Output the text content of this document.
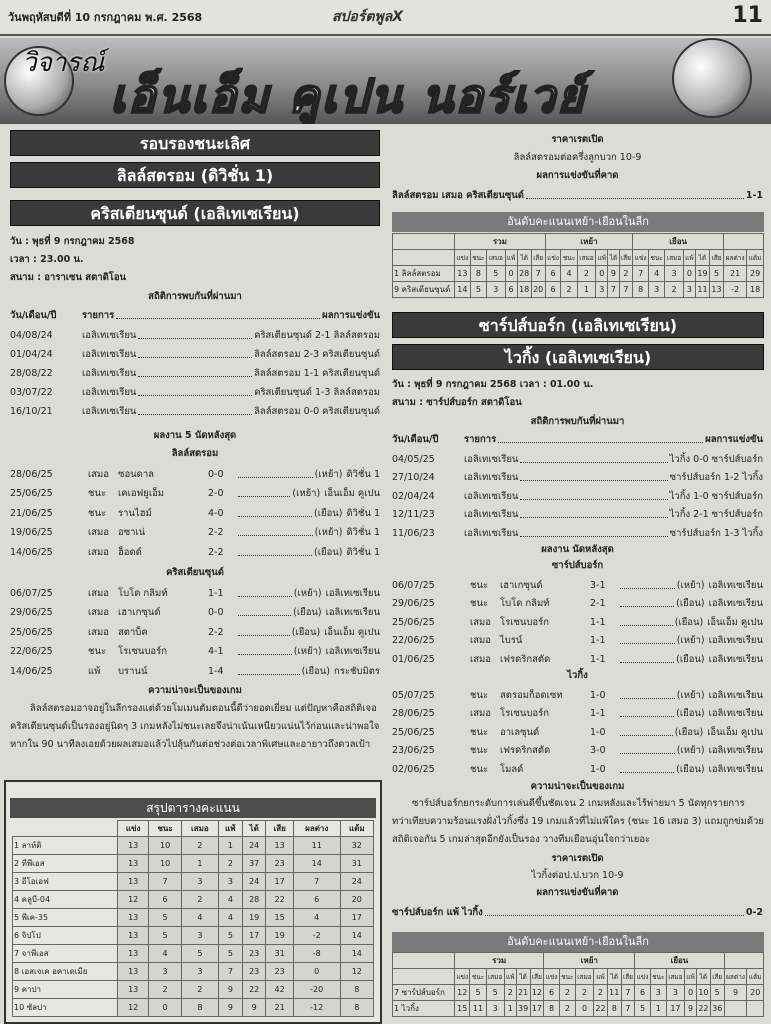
วันพฤหัสบดีที่ 10 กรกฎาคม พ.ศ. 2568	สปอร์ตพูลX	11
วิจารณ์
เอ็นเอ็ม คูเปน นอร์เวย์
รอบรองชนะเลิศ
ลิลล์สตรอม (ดิวิชั่น 1)
คริสเตียนซุนด์ (เอลิเทเซเรียน)
วัน : พุธที่ 9 กรกฎาคม 2568
เวลา : 23.00 น.
สนาม : อาราเซน สตาดิโอน
สถิติการพบกันที่ผ่านมา
วัน/เดือน/ปี	รายการ	ผลการแข่งขัน
04/08/24	เอลิเทเซเรียน	คริสเตียนซุนด์ 2-1 ลิลล์สตรอม
01/04/24	เอลิเทเซเรียน	ลิลล์สตรอม 2-3 คริสเตียนซุนด์
28/08/22	เอลิเทเซเรียน	ลิลล์สตรอม 1-1 คริสเตียนซุนด์
03/07/22	เอลิเทเซเรียน	คริสเตียนซุนด์ 1-3 ลิลล์สตรอม
16/10/21	เอลิเทเซเรียน	ลิลล์สตรอม 0-0 คริสเตียนซุนด์
ผลงาน 5 นัดหลังสุด
ลิลล์สตรอม
28/06/25	เสมอ ซอนดาล	0-0	(เหย้า) ดิวิชั่น 1
25/06/25	ชนะ	เคเอฟยูเอ็ม	2-0	(เหย้า) เอ็นเอ็ม คูเปน
21/06/25	ชนะ	รานไฮม์	4-0	(เยือน) ดิวิชั่น 1
19/06/25	เสมอ อซาเน่	2-2	(เหย้า) ดิวิชั่น 1
14/06/25	เสมอ ฮ็อดด์	2-2	(เยือน) ดิวิชั่น 1
คริสเตียนซุนด์
06/07/25	เสมอ โบโด กลิมท์	1-1	(เหย้า) เอลิเทเซเรียน
29/06/25	เสมอ เฮาเกซุนด์	0-0	(เยือน) เอลิเทเซเรียน
25/06/25	เสมอ สตาบ็ค	2-2	(เยือน) เอ็นเอ็ม คูเปน
22/06/25	ชนะ	โรเซนบอร์ก	4-1	(เหย้า) เอลิเทเซเรียน
14/06/25	แพ้	บรานน์	1-4	(เยือน) กระชับมิตร
ความน่าจะเป็นของเกม
ลิลล์สตรอมอาจอยู่ในลีกรองแต่ด้วยโมเมนตัมตอนนี้ดีว่ายอดเยี่ยม แต่ปัญหาคือสถิติเจอคริสเตียนซุนด์เป็นรองอยู่นิดๆ 3 เกมหลังไม่ชนะเลยจึงน่าเน้นเหนียวแน่นไว้ก่อนและน่าพอใจหากใน 90 นาทีลงเอยด้วยผลเสมอแล้วไปลุ้นกันต่อช่วงต่อเวลาพิเศษและอายาวถึงดวลเป้า
สรุปตารางคะแนน
	แข่ง	ชนะ	เสมอ	แพ้	ได้	เสีย	ผลต่าง	แต้ม
1 ลาห์ติ	13	10	2	1	24	13	11	32
2 ทีพีเอส	13	10	1	2	37	23	14	31
3 อีโอเอฟ	13	7	3	3	24	17	7	24
4 คลูบี-04	12	6	2	4	28	22	6	20
5 พีเค-35	13	5	4	4	19	15	4	17
6 จิปโป	13	5	3	5	17	19	-2	14
7 จาพีเอส	13	4	5	5	23	31	-8	14
8 เอสเจเค อคาเดเมีย	13	3	3	7	23	23	0	12
9 คาปา	13	2	2	9	22	42	-20	8
10 ซัลปา	12	0	8	9	9	21	-12	8
ราคาเรตเปิด
ลิลล์สตรอมต่อครึ่งลูกบวก 10-9
ผลการแข่งขันที่คาด
ลิลล์สตรอม เสมอ คริสเตียนซุนด์	1-1
อันดับคะแนนเหย้า-เยือนในลีก
	รวม						เหย้า						เยือน							
	แข่ง	ชนะ	เสมอ	แพ้	ได้	เสีย	แข่ง	ชนะ	เสมอ	แพ้	ได้	เสีย	แข่ง	ชนะ	เสมอ	แพ้	ได้	เสีย	ผลต่าง	แต้ม
1 ลิลล์สตรอม	13	8	5	0	28	7	6	4	2	0	9	2	7	4	3	0	19	5	21	29
9 คริสเตียนซุนด์	14	5	3	6	18	20	6	2	1	3	7	7	8	3	2	3	11	13	-2	18
ซาร์ปส์บอร์ก (เอลิเทเซเรียน)
ไวกิ้ง (เอลิเทเซเรียน)
วัน : พุธที่ 9 กรกฎาคม 2568 เวลา : 01.00 น.
สนาม : ซาร์ปส์บอร์ก สตาดิโอน
สถิติการพบกันที่ผ่านมา
วัน/เดือน/ปี	รายการ	ผลการแข่งขัน
04/05/25	เอลิเทเซเรียน	ไวกิ้ง 0-0 ซาร์ปส์บอร์ก
27/10/24	เอลิเทเซเรียน	ซาร์ปส์บอร์ก 1-2 ไวกิ้ง
02/04/24	เอลิเทเซเรียน	ไวกิ้ง 1-0 ซาร์ปส์บอร์ก
12/11/23	เอลิเทเซเรียน	ไวกิ้ง 2-1 ซาร์ปส์บอร์ก
11/06/23	เอลิเทเซเรียน	ซาร์ปส์บอร์ก 1-3 ไวกิ้ง
ผลงาน นัดหลังสุด
ซาร์ปส์บอร์ก
06/07/25	ชนะ	เฮาเกซุนด์	3-1	(เหย้า) เอลิเทเซเรียน
29/06/25	ชนะ	โบโด กลิมท์	2-1	(เยือน) เอลิเทเซเรียน
25/06/25	เสมอ โรเซนบอร์ก	1-1	(เยือน) เอ็นเอ็ม คูเปน
22/06/25	เสมอ ไบรน์	1-1	(เหย้า) เอลิเทเซเรียน
01/06/25	เสมอ เฟรดริกสตัด	1-1	(เยือน) เอลิเทเซเรียน
ไวกิ้ง
05/07/25	ชนะ	สตรอมก็อดเซท	1-0	(เหย้า) เอลิเทเซเรียน
28/06/25	เสมอ โรเซนบอร์ก	1-1	(เยือน) เอลิเทเซเรียน
25/06/25	ชนะ	อาเลซุนด์	1-0	(เยือน) เอ็นเอ็ม คูเปน
23/06/25	ชนะ	เฟรดริกสตัด	3-0	(เหย้า) เอลิเทเซเรียน
02/06/25	ชนะ	โมลด์	1-0	(เยือน) เอลิเทเซเรียน
ความน่าจะเป็นของเกม
ซาร์ปส์บอร์กยกระดับการเล่นดีขึ้นชัดเจน 2 เกมหลังและไร้พ่ายมา 5 นัดทุกรายการ ทว่าเทียบความร้อนแรงฝั่งไวกิ้งซึ่ง 19 เกมแล้วที่ไม่แพ้ใคร (ชนะ 16 เสมอ 3) แถมถูกข่มด้วยสถิติเจอกัน 5 เกมล่าสุดอีกยังเป็นรอง วางทีมเยือนอุ่นใจกว่าเยอะ
ราคาเรตเปิด
ไวกิ้งต่อป.ป.บวก 10-9
ผลการแข่งขันที่คาด
ซาร์ปส์บอร์ก แพ้ ไวกิ้ง	0-2
อันดับคะแนนเหย้า-เยือนในลีก
	รวม						เหย้า						เยือน							
	แข่ง	ชนะ	เสมอ	แพ้	ได้	เสีย	แข่ง	ชนะ	เสมอ	แพ้	ได้	เสีย	แข่ง	ชนะ	เสมอ	แพ้	ได้	เสีย	ผลต่าง	แต้ม
7 ซาร์ปส์บอร์ก	12	5	5	2	21	12	6	2	2	2	11	7	6	3	3	0	10	5	9	20
1 ไวกิ้ง	15	11	3	1	39	17	8	2	0	22	8	7	5	1	17	9	22	36		
